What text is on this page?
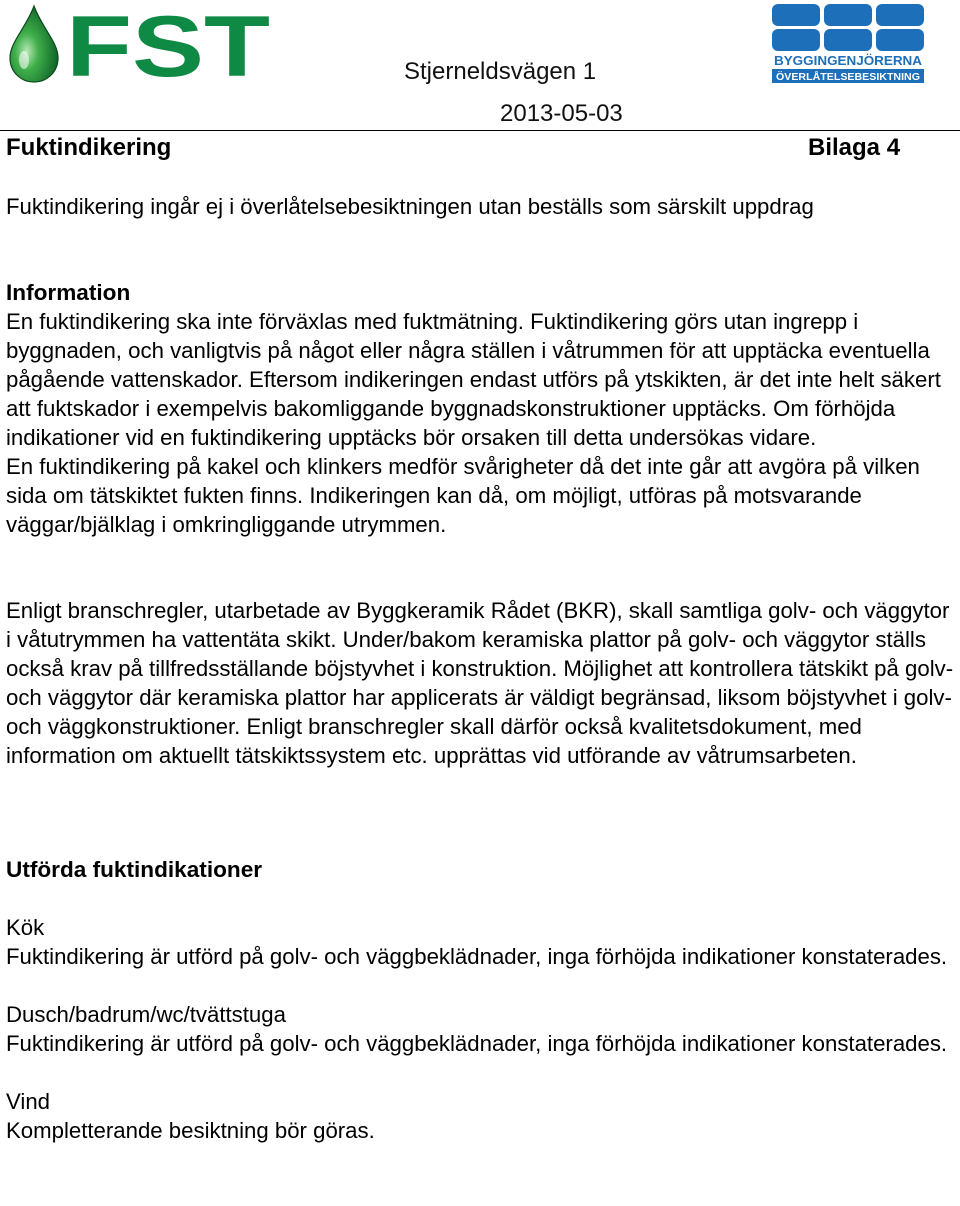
FST	BYGGINGENJÖRERNA
ÖVERLÅTELSEBESIKTNING
Stjerneldsvägen 1
2013-05-03
Fuktindikering	Bilaga 4

Fuktindikering ingår ej i överlåtelsebesiktningen utan beställs som särskilt uppdrag

Information

En fuktindikering ska inte förväxlas med fuktmätning. Fuktindikering görs utan ingrepp i byggnaden, och vanligtvis på något eller några ställen i våtrummen för att upptäcka eventuella pågående vattenskador. Eftersom indikeringen endast utförs på ytskikten, är det inte helt säkert att fuktskador i exempelvis bakomliggande byggnadskonstruktioner upptäcks. Om förhöjda indikationer vid en fuktindikering upptäcks bör orsaken till detta undersökas vidare.

En fuktindikering på kakel och klinkers medför svårigheter då det inte går att avgöra på vilken sida om tätskiktet fukten finns. Indikeringen kan då, om möjligt, utföras på motsvarande väggar/bjälklag i omkringliggande utrymmen.

Enligt branschregler, utarbetade av Byggkeramik Rådet (BKR), skall samtliga golv- och väggytor i våtutrymmen ha vattentäta skikt. Under/bakom keramiska plattor på golv- och väggytor ställs också krav på tillfredsställande böjstyvhet i konstruktion. Möjlighet att kontrollera tätskikt på golv- och väggytor där keramiska plattor har applicerats är väldigt begränsad, liksom böjstyvhet i golv- och väggkonstruktioner. Enligt branschregler skall därför också kvalitetsdokument, med information om aktuellt tätskiktssystem etc. upprättas vid utförande av våtrumsarbeten.

Utförda fuktindikationer

Kök

Fuktindikering är utförd på golv- och väggbeklädnader, inga förhöjda indikationer konstaterades.

Dusch/badrum/wc/tvättstuga

Fuktindikering är utförd på golv- och väggbeklädnader, inga förhöjda indikationer konstaterades.

Vind

Kompletterande besiktning bör göras.
